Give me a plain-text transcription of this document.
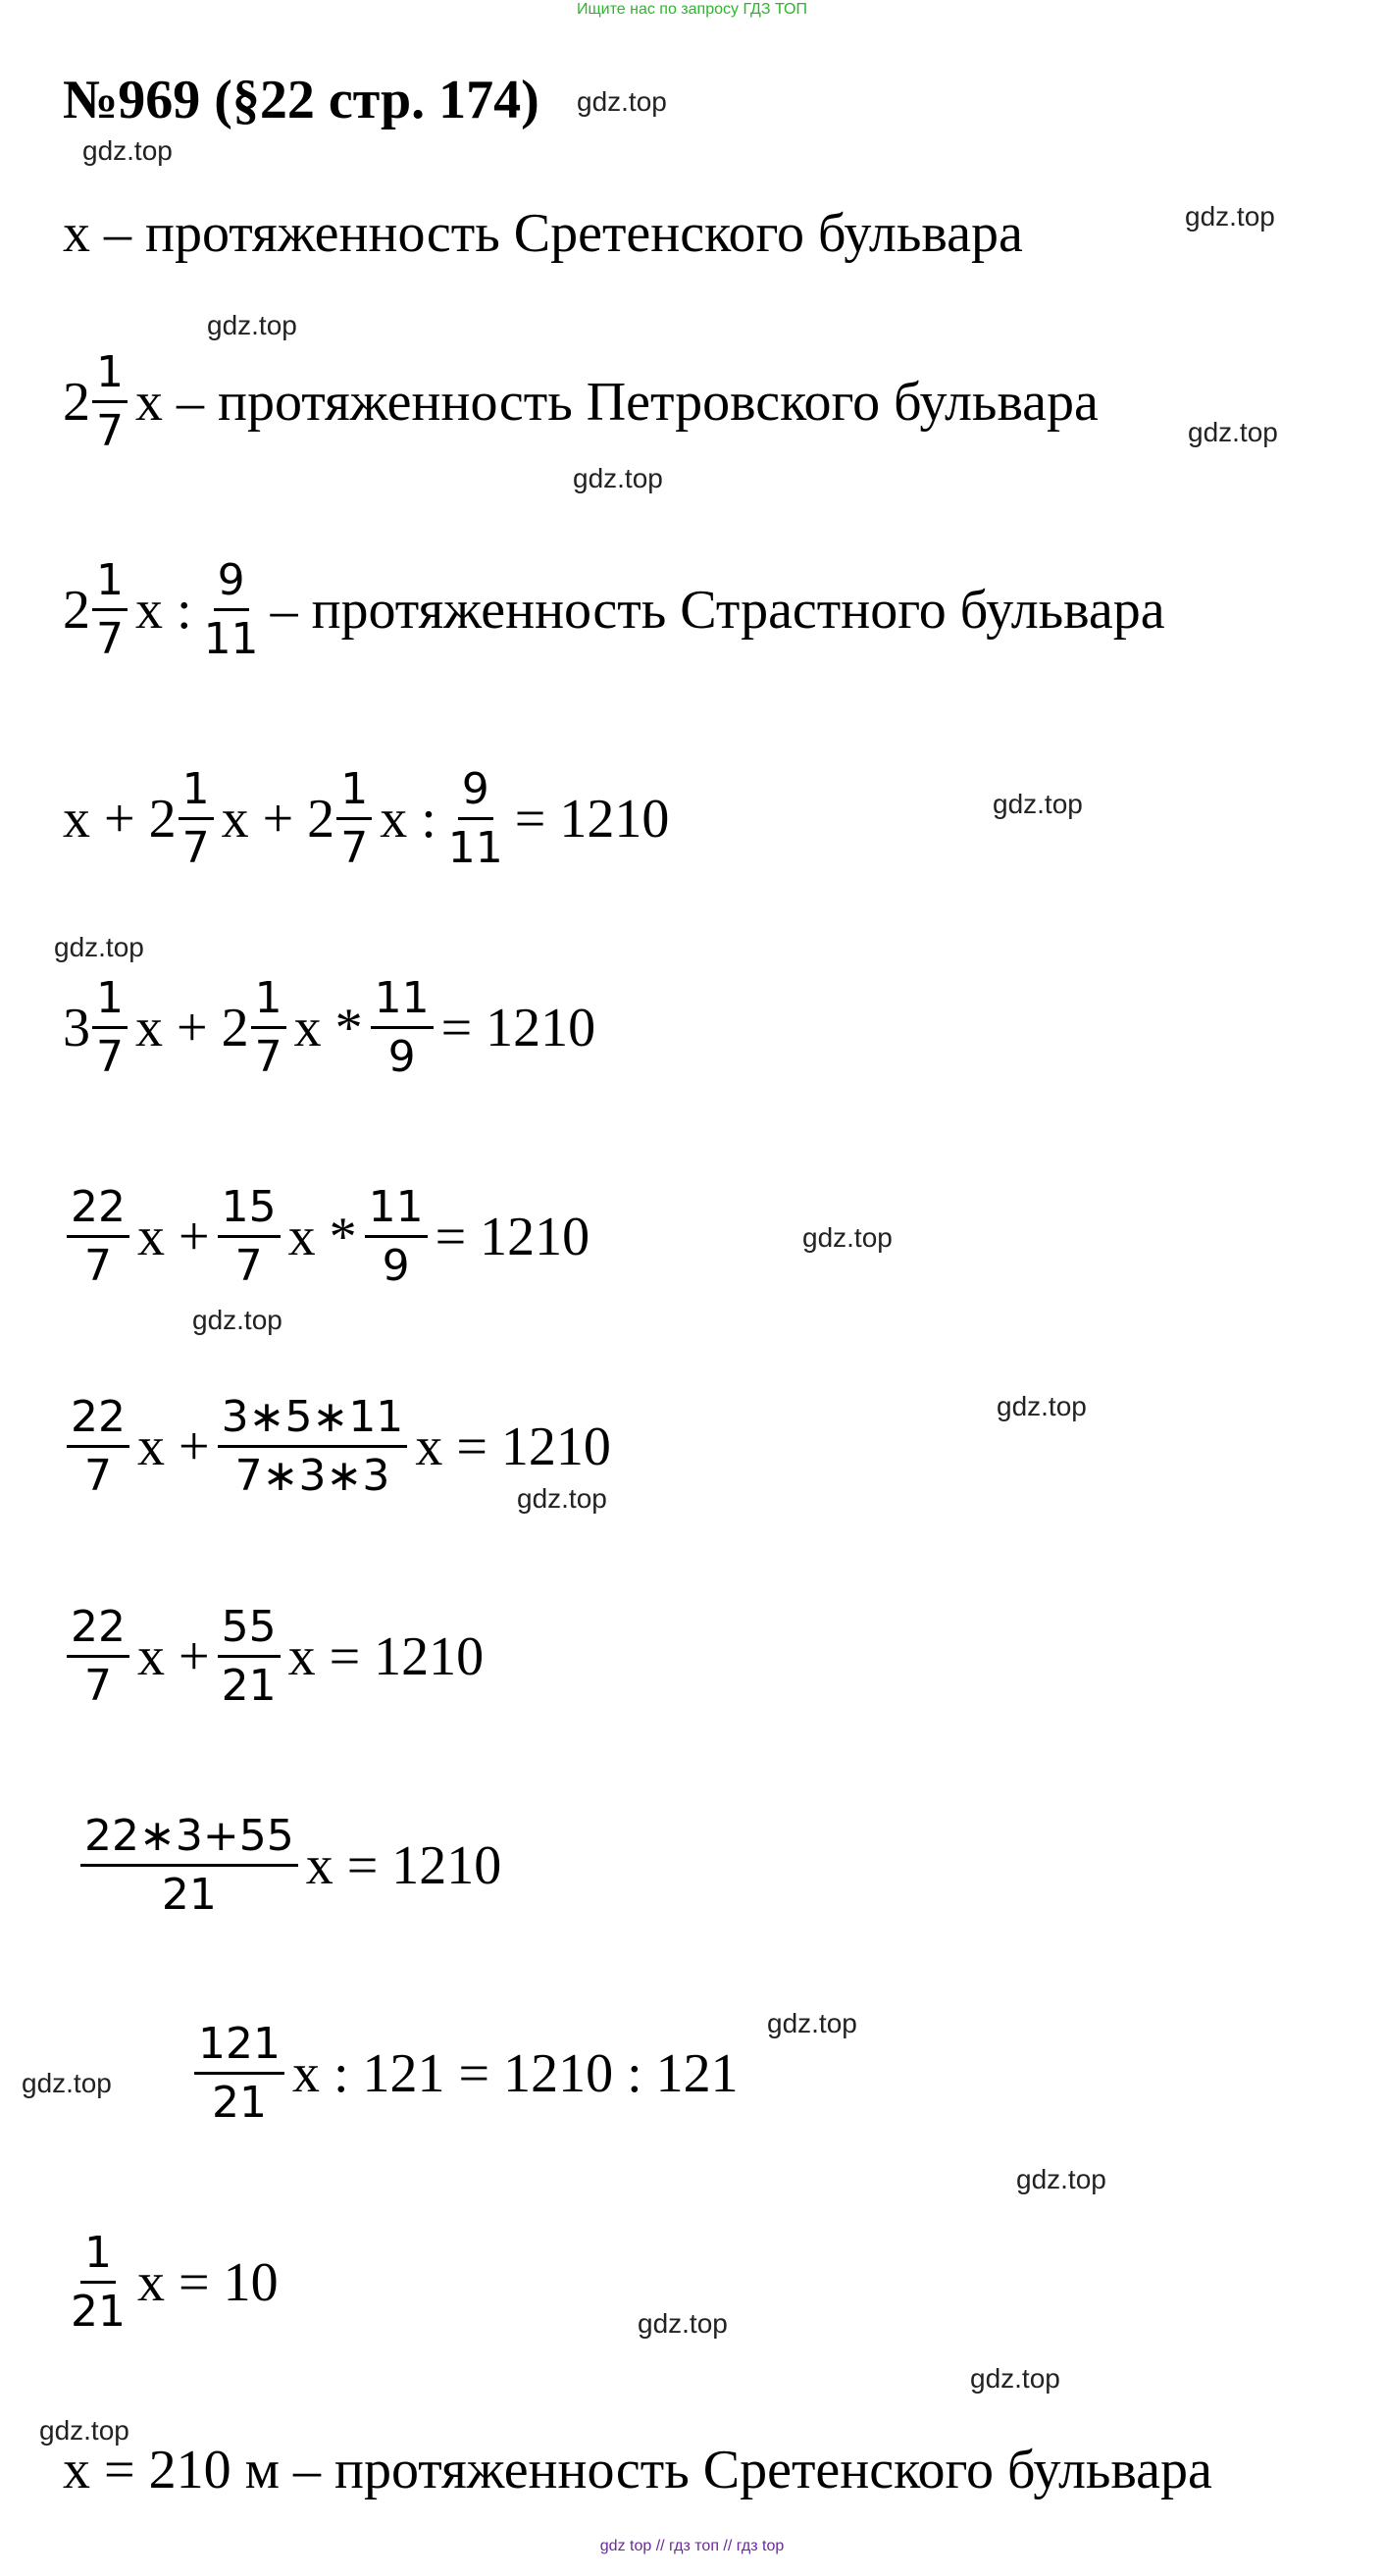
Ищите нас по запросу ГДЗ ТОП
№969 (§22 стр. 174) gdz.top
gdz.top
gdz.top
gdz.top
gdz.top
gdz.top
gdz.top
gdz.top
gdz.top
gdz.top
gdz.top
gdz.top
gdz.top
gdz.top
gdz.top
gdz.top
gdz.top
gdz.top
x – протяженность Сретенского бульвара
$2 \frac{1}{7}$ x – протяженность Петровского бульвара
$2 \frac{1}{7}$ x : $\frac{9}{11}$ – протяженность Страстного бульвара
$x + 2 \frac{1}{7}$ $x + 2 \frac{1}{7}$ x : $\frac{9}{11} = 1210$
$3 \frac{1}{7}$ $x + 2 \frac{1}{7}$ $x * \frac{11}{9} = 1210$
$\frac{22}{7}$ $x + \frac{15}{7}$ $x * \frac{11}{9} = 1210$
$\frac{22}{7}$ $x + \frac{3∗5∗11}{7∗3∗3}$ x = 1210
$\frac{22}{7}$ $x + \frac{55}{21}$ x = 1210
$\frac{22∗3+55}{21}$ x = 1210
$\frac{121}{21}$ x : 121 = 1210 : 121
$\frac{1}{21}$ x = 10
x = 210 м – протяженность Сретенского бульвара
gdz top // гдз топ // гдз top
